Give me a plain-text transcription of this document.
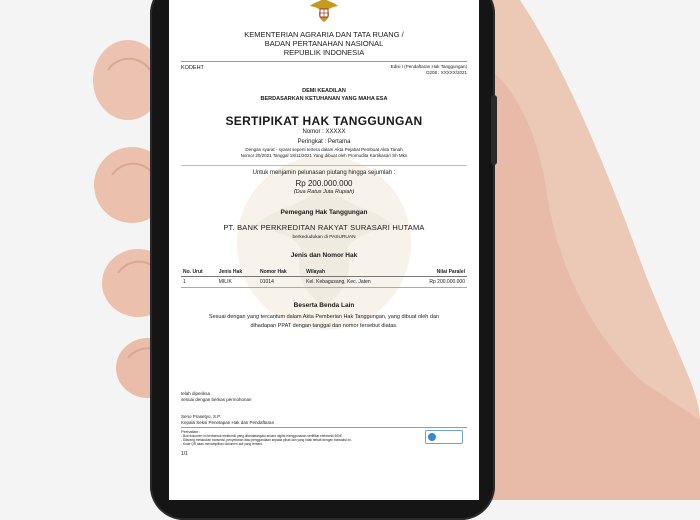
KEMENTERIAN AGRARIA DAN TATA RUANG /
BADAN PERTANAHAN NASIONAL
REPUBLIK INDONESIA
KODEHT	Edisi I (Pendaftaran Hak Tanggungan)
D208 : XXXXX/2021
DEMI KEADILAN
BERDASARKAN KETUHANAN YANG MAHA ESA
SERTIPIKAT HAK TANGGUNGAN
Nomor : XXXXX
Peringkat : Pertama
Dengan syarat - syarat seperti tertera dalam Akta Pejabat Pembuat Akta Tanah
Nomor 20/2021 Tanggal 18/11/2021 Yang dibuat oleh Promudita Kartikasari Sh Mkn
Untuk menjamin pelunasan piutang hingga sejumlah :
Rp 200.000.000
(Dua Ratus Juta Rupiah)
Pemegang Hak Tanggungan
PT. BANK PERKREDITAN RAKYAT SURASARI HUTAMA
berkedudukan di PASURUAN
Jenis dan Nomor Hak
No. Urut	Jenis Hak	Nomor Hak	Wilayah	Nilai Paralel
1	MILIK	01014	Kel. Kebagusang, Kec. Jaten	Rp 200.000.000
Beserta Benda Lain
Sesuai dengan yang tercantum dalam Akta Pemberian Hak Tanggungan, yang dibuat oleh dan
dihadapan PPAT dengan tanggal dan nomor tersebut diatas.
telah diperiksa
sesuai dengan berkas permohonan
Seno Prasetyo, S.P.
Kepala Seksi Penetapan Hak dan Pendaftaran
Perhatian :
- Buti dokumen ini berbentuk elektronik yang ditandatangani secara digital menggunakan sertifikat elektronik BSrE.
- Dilarang melakukan transmisi, penyebaran atau penggandaan kepada pihak lain yang tidak terkait dengan transaksi ini.
- Kode QR akan menampilkan dokumen asli yang terbaru.
1/1
